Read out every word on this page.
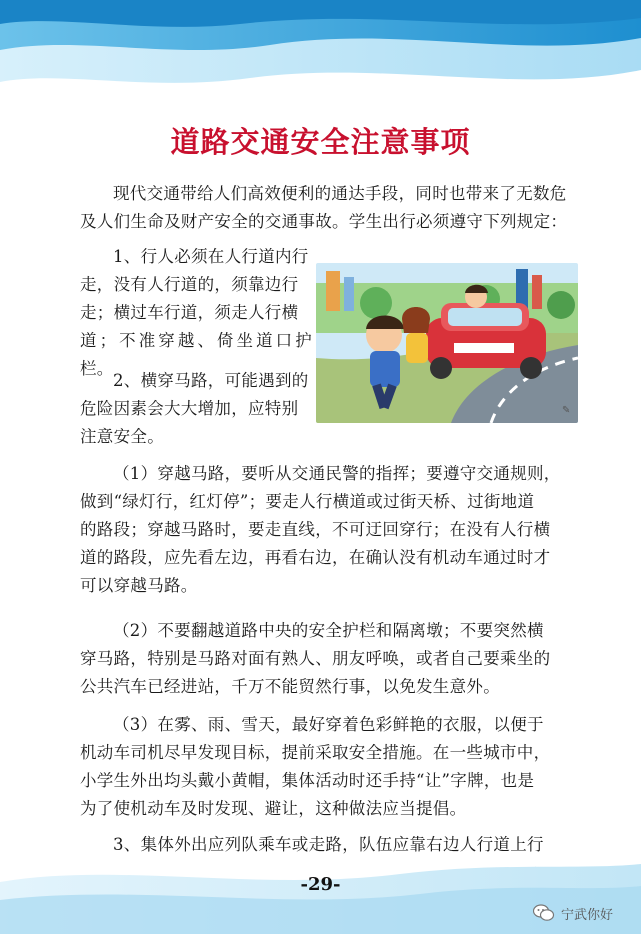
道路交通安全注意事项

现代交通带给人们高效便利的通达手段，同时也带来了无数危

及人们生命及财产安全的交通事故。学生出行必须遵守下列规定：

1、行人必须在人行道内行

走，没有人行道的，须靠边行

走；横过车行道，须走人行横

道；不准穿越、倚坐道口护栏。

2、横穿马路，可能遇到的

危险因素会大大增加，应特别

注意安全。

✎

（1）穿越马路，要听从交通民警的指挥；要遵守交通规则，

做到“绿灯行，红灯停”；要走人行横道或过街天桥、过街地道

的路段；穿越马路时，要走直线，不可迂回穿行；在没有人行横

道的路段，应先看左边，再看右边，在确认没有机动车通过时才

可以穿越马路。

（2）不要翻越道路中央的安全护栏和隔离墩；不要突然横

穿马路，特别是马路对面有熟人、朋友呼唤，或者自己要乘坐的

公共汽车已经进站，千万不能贸然行事，以免发生意外。

（3）在雾、雨、雪天，最好穿着色彩鲜艳的衣服，以便于

机动车司机尽早发现目标，提前采取安全措施。在一些城市中，

小学生外出均头戴小黄帽，集体活动时还手持“让”字牌，也是

为了使机动车及时发现、避让，这种做法应当提倡。

3、集体外出应列队乘车或走路，队伍应靠右边人行道上行

-29-
宁武你好
